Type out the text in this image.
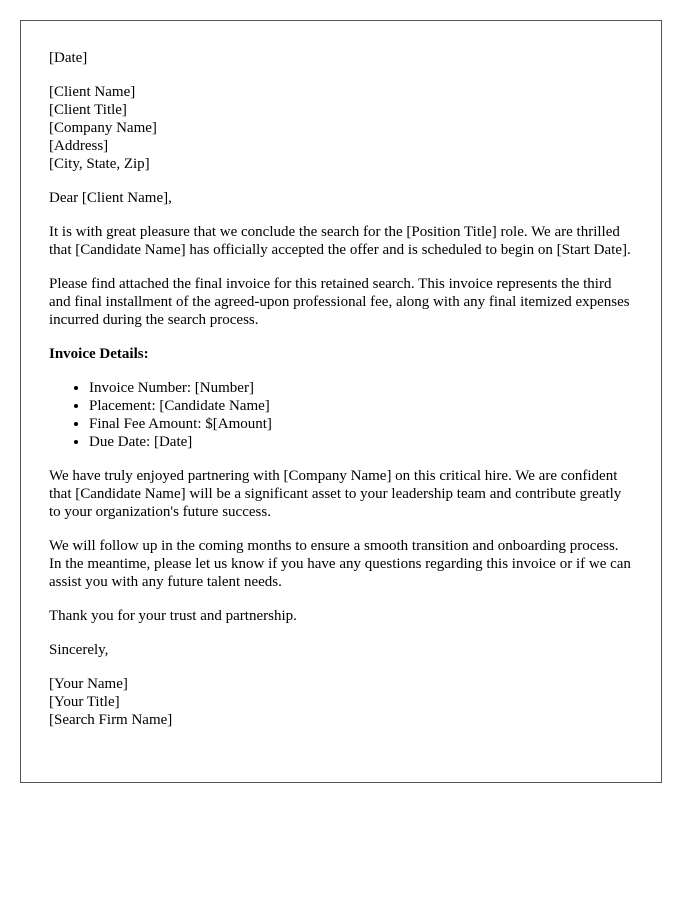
[Date]

[Client Name]
[Client Title]
[Company Name]
[Address]
[City, State, Zip]

Dear [Client Name],

It is with great pleasure that we conclude the search for the [Position Title] role. We are thrilled that [Candidate Name] has officially accepted the offer and is scheduled to begin on [Start Date].

Please find attached the final invoice for this retained search. This invoice represents the third and final installment of the agreed-upon professional fee, along with any final itemized expenses incurred during the search process.

Invoice Details:

• Invoice Number: [Number]
• Placement: [Candidate Name]
• Final Fee Amount: $[Amount]
• Due Date: [Date]

We have truly enjoyed partnering with [Company Name] on this critical hire. We are confident that [Candidate Name] will be a significant asset to your leadership team and contribute greatly to your organization's future success.

We will follow up in the coming months to ensure a smooth transition and onboarding process. In the meantime, please let us know if you have any questions regarding this invoice or if we can assist you with any future talent needs.

Thank you for your trust and partnership.

Sincerely,

[Your Name]
[Your Title]
[Search Firm Name]
